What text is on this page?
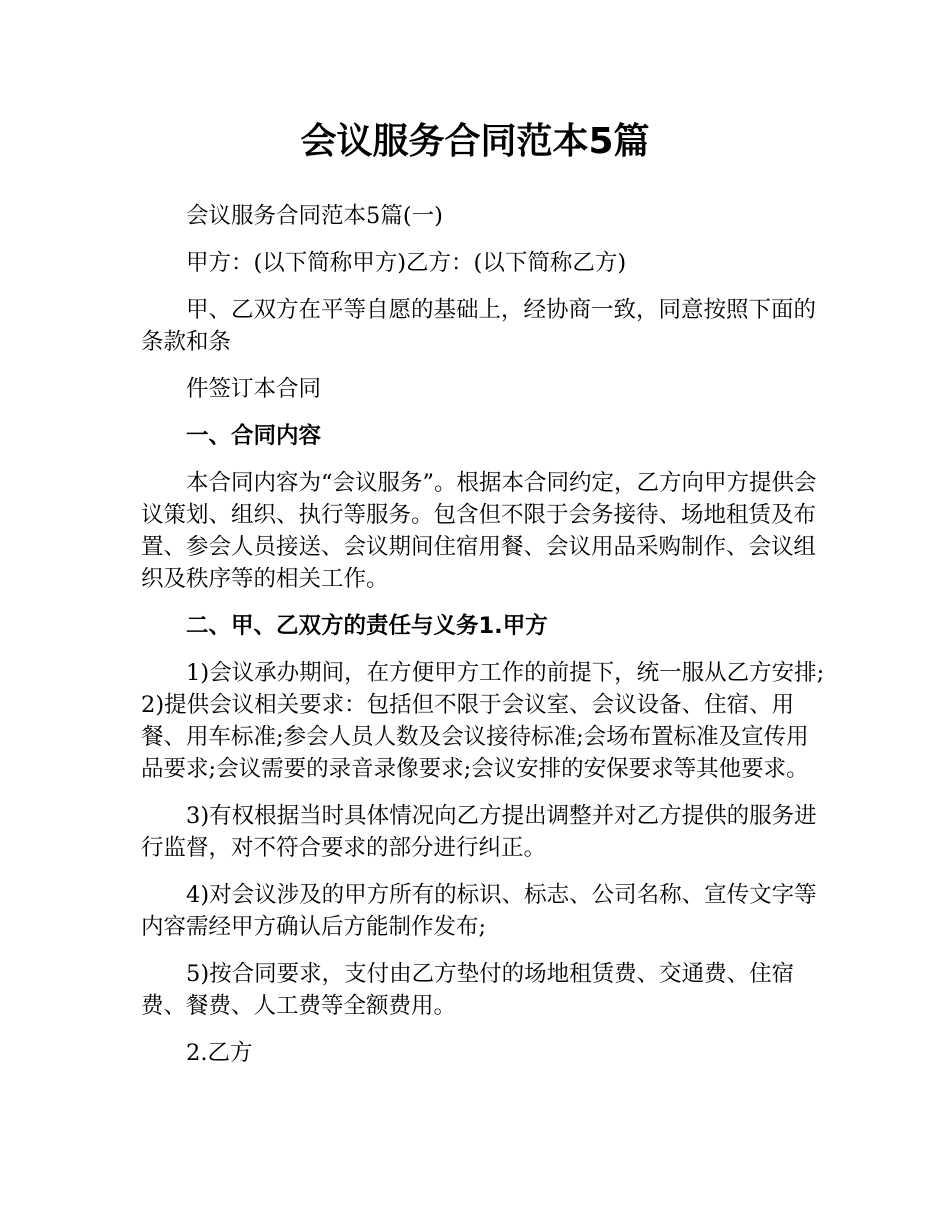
会议服务合同范本5篇

会议服务合同范本5篇(一)

甲方：(以下简称甲方)乙方：(以下简称乙方)

甲、乙双方在平等自愿的基础上，经协商一致，同意按照下面的条款和条

件签订本合同

一、合同内容

本合同内容为“会议服务”。根据本合同约定，乙方向甲方提供会议策划、组织、执行等服务。包含但不限于会务接待、场地租赁及布置、参会人员接送、会议期间住宿用餐、会议用品采购制作、会议组织及秩序等的相关工作。

二、甲、乙双方的责任与义务1.甲方

1)会议承办期间，在方便甲方工作的前提下，统一服从乙方安排;2)提供会议相关要求：包括但不限于会议室、会议设备、住宿、用餐、用车标准;参会人员人数及会议接待标准;会场布置标准及宣传用品要求;会议需要的录音录像要求;会议安排的安保要求等其他要求。

3)有权根据当时具体情况向乙方提出调整并对乙方提供的服务进行监督，对不符合要求的部分进行纠正。

4)对会议涉及的甲方所有的标识、标志、公司名称、宣传文字等内容需经甲方确认后方能制作发布;

5)按合同要求，支付由乙方垫付的场地租赁费、交通费、住宿费、餐费、人工费等全额费用。

2.乙方
